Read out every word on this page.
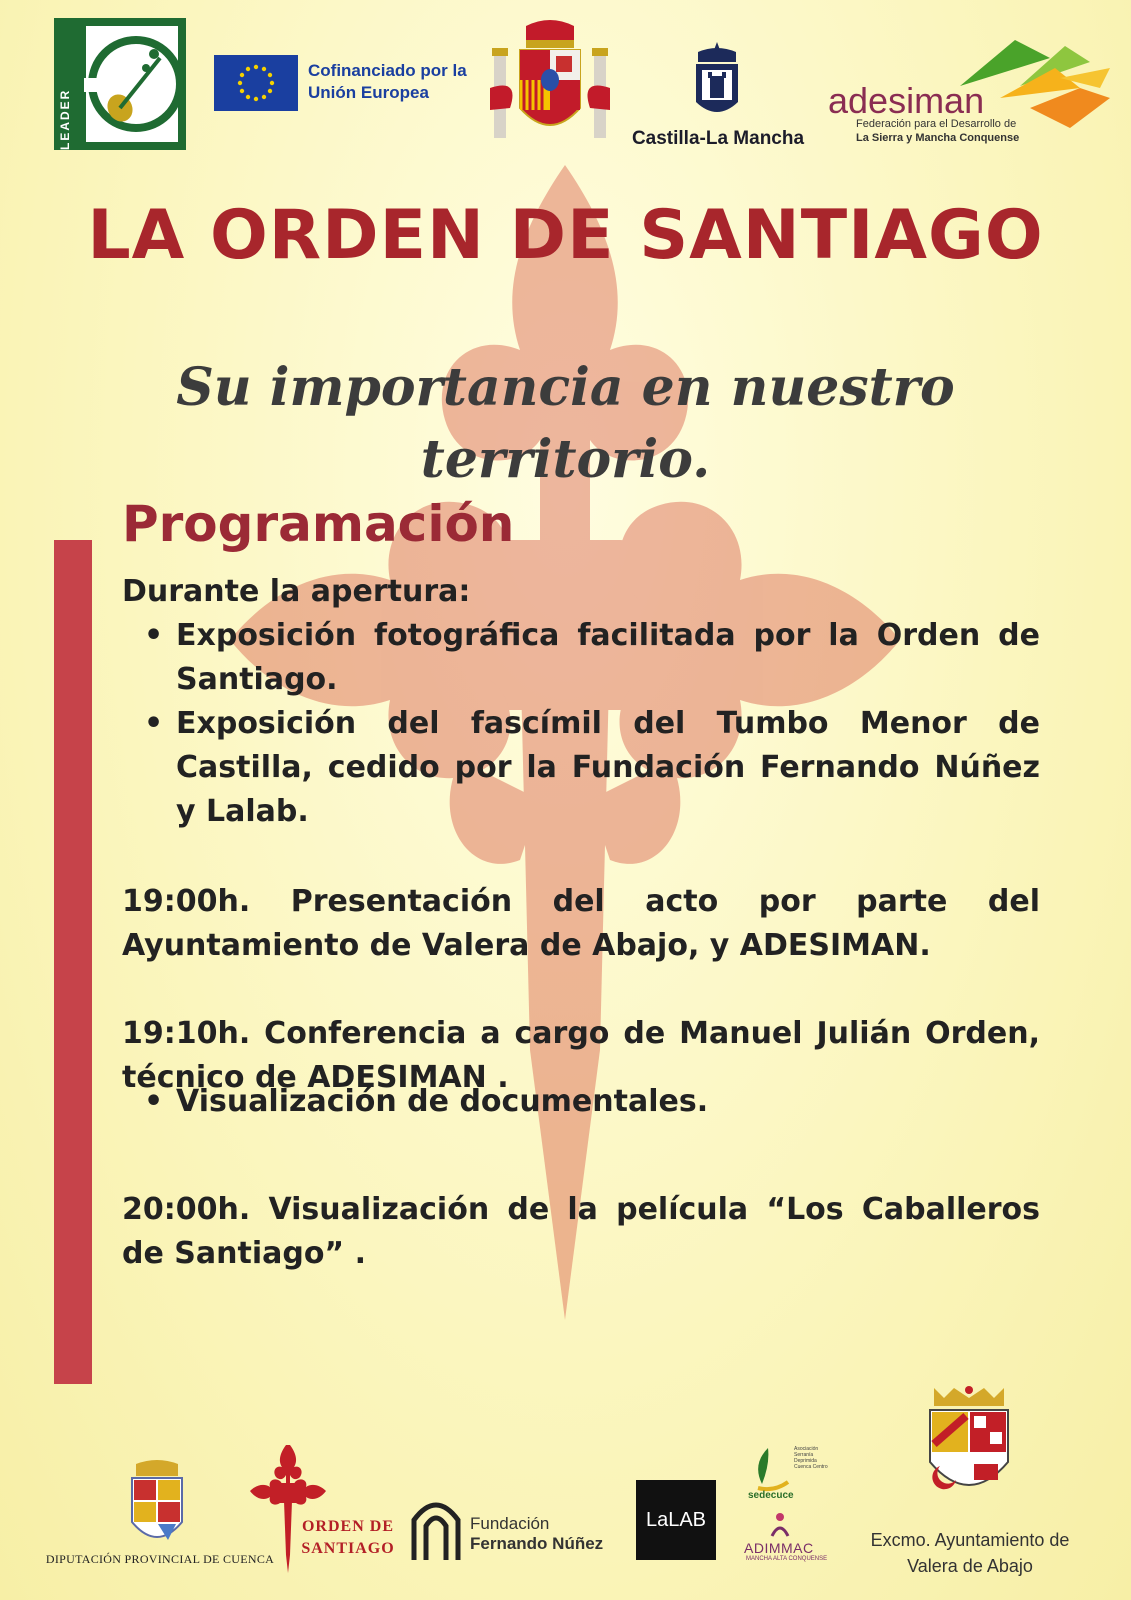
LEADER
Cofinanciado por la Unión Europea
Castilla-La Mancha
adesiman
Federación para el Desarrollo de
La Sierra y Mancha Conquense
LA ORDEN DE SANTIAGO
Su importancia en nuestro territorio.
Programación
Durante la apertura:
• Exposición fotográfica facilitada por la Orden de Santiago.
• Exposición del fascímil del Tumbo Menor de Castilla, cedido por la Fundación Fernando Núñez y Lalab.
19:00h. Presentación del acto por parte del Ayuntamiento de Valera de Abajo, y ADESIMAN.
19:10h. Conferencia a cargo de Manuel Julián Orden, técnico de ADESIMAN .
• Visualización de documentales.
20:00h. Visualización de la película “Los Caballeros de Santiago” .
DIPUTACIÓN PROVINCIAL DE CUENCA
ORDEN DE
SANTIAGO
Fundación
Fernando Núñez
LaLAB
Asociación Serranía Deprimida Cuenca Centro
sedecuce
ADIMMAC
MANCHA ALTA CONQUENSE
Excmo. Ayuntamiento de
Valera de Abajo
